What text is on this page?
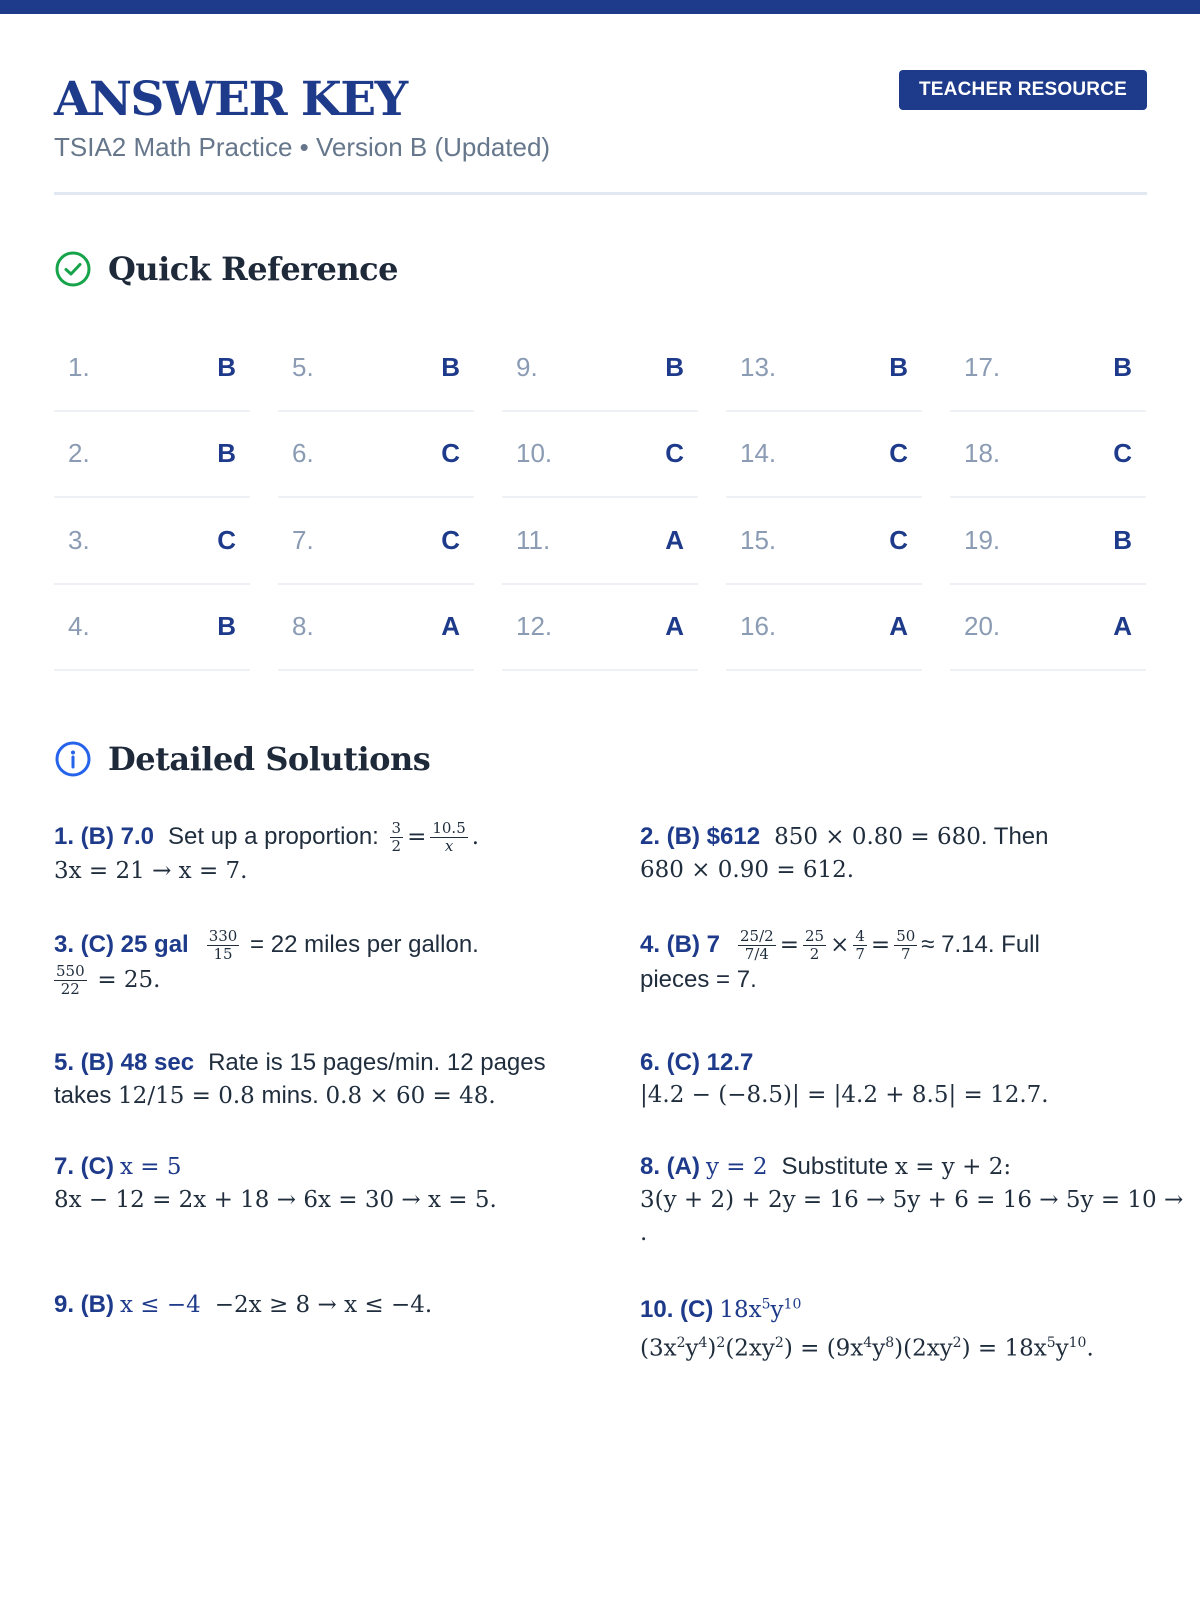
ANSWER KEY
TSIA2 Math Practice • Version B (Updated)
TEACHER RESOURCE
Quick Reference
1.	B 5.	B 9.	B 13.	B 17.	B
2.	B 6.	C 10.	C 14.	C 18.	C
3.	C 7.	C 11.	A 15.	C 19.	B
4.	B 8.	A 12.	A 16.	A 20.	A
Detailed Solutions
1. (B) 7.0 Set up a proportion: $\frac{3}{2} = \frac{10.5}{x}$ .
3x = 21 → x = 7.
2. (B) $612 850 × 0.80 = 680. Then
680 × 0.90 = 612.
3. (C) 25 gal $\frac{330}{15} = 22$ miles per gallon.
$\frac{550}{22} = 25$.
4. (B) $7 \frac{25/2}{7/4} = \frac{25}{2} \times \frac{4}{7} = \frac{50}{7} \approx 7.14$. Full
pieces = 7.
5. (B) 48 sec Rate is 15 pages/min. 12 pages
takes 12/15 = 0.8 mins. 0.8 × 60 = 48.
6. (C) 12.7
|4.2 − (−8.5)| = |4.2 + 8.5| = 12.7.
7. (C) x = 5
8x − 12 = 2x + 18 → 6x = 30 → x = 5.
8. (A) y = 2 Substitute x = y + 2:
3(y + 2) + 2y = 16 → 5y + 6 = 16 → 5y = 10 →
.
9. (B) x ≤ −4 −2x ≥ 8 → x ≤ −4.	10. (C) $18x^5y^{10}$
$(3x^2y^4)^2(2xy^2) = (9x^4y^8)(2xy^2) = 18x^5y^{10}$.
